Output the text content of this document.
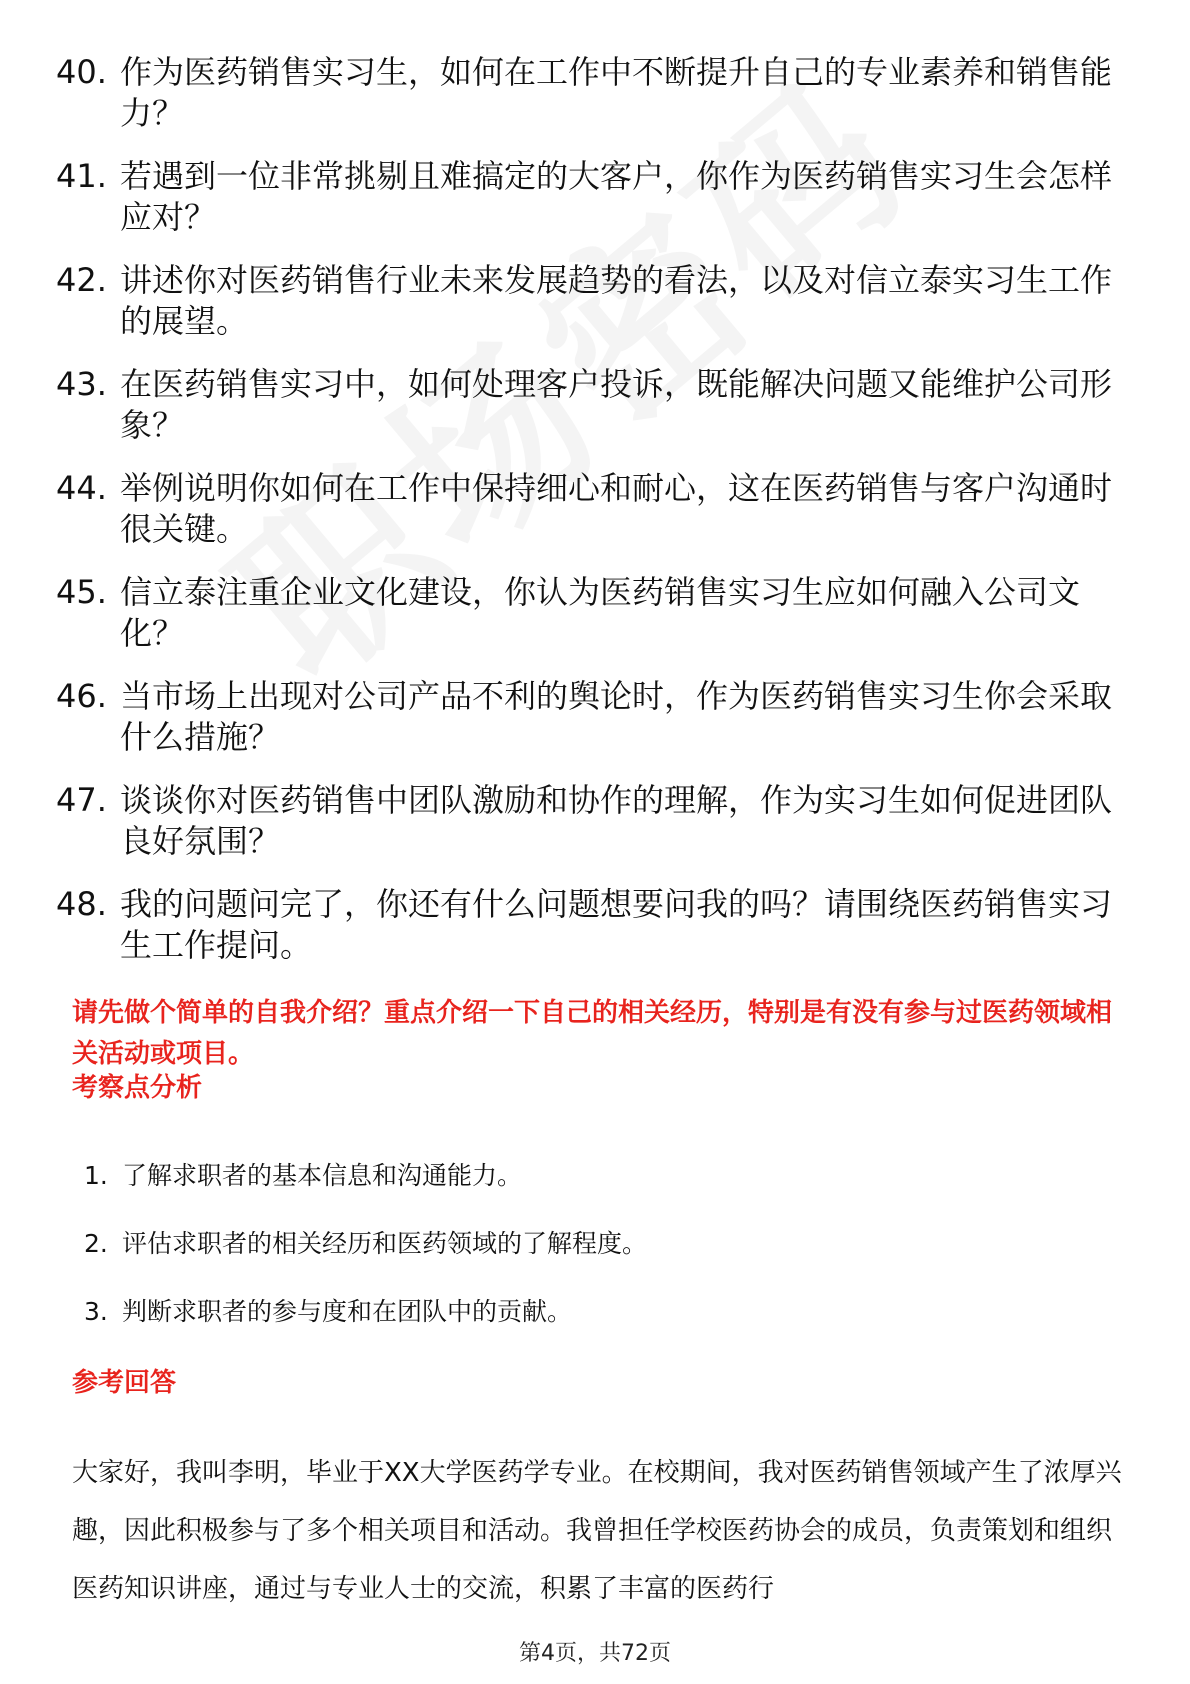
40. 作为医药销售实习生，如何在工作中不断提升自己的专业素养和销售能力？
41. 若遇到一位非常挑剔且难搞定的大客户，你作为医药销售实习生会怎样应对？
42. 讲述你对医药销售行业未来发展趋势的看法，以及对信立泰实习生工作的展望。
43. 在医药销售实习中，如何处理客户投诉，既能解决问题又能维护公司形象？
44. 举例说明你如何在工作中保持细心和耐心，这在医药销售与客户沟通时很关键。
45. 信立泰注重企业文化建设，你认为医药销售实习生应如何融入公司文化？
46. 当市场上出现对公司产品不利的舆论时，作为医药销售实习生你会采取什么措施？
47. 谈谈你对医药销售中团队激励和协作的理解，作为实习生如何促进团队良好氛围？
48. 我的问题问完了，你还有什么问题想要问我的吗？请围绕医药销售实习生工作提问。

请先做个简单的自我介绍？重点介绍一下自己的相关经历，特别是有没有参与过医药领域相关活动或项目。

考察点分析
1. 了解求职者的基本信息和沟通能力。
2. 评估求职者的相关经历和医药领域的了解程度。
3. 判断求职者的参与度和在团队中的贡献。
参考回答

大家好，我叫李明，毕业于XX大学医药学专业。在校期间，我对医药销售领域产生了浓厚兴趣，因此积极参与了多个相关项目和活动。我曾担任学校医药协会的成员，负责策划和组织医药知识讲座，通过与专业人士的交流，积累了丰富的医药行

第4页，共72页
